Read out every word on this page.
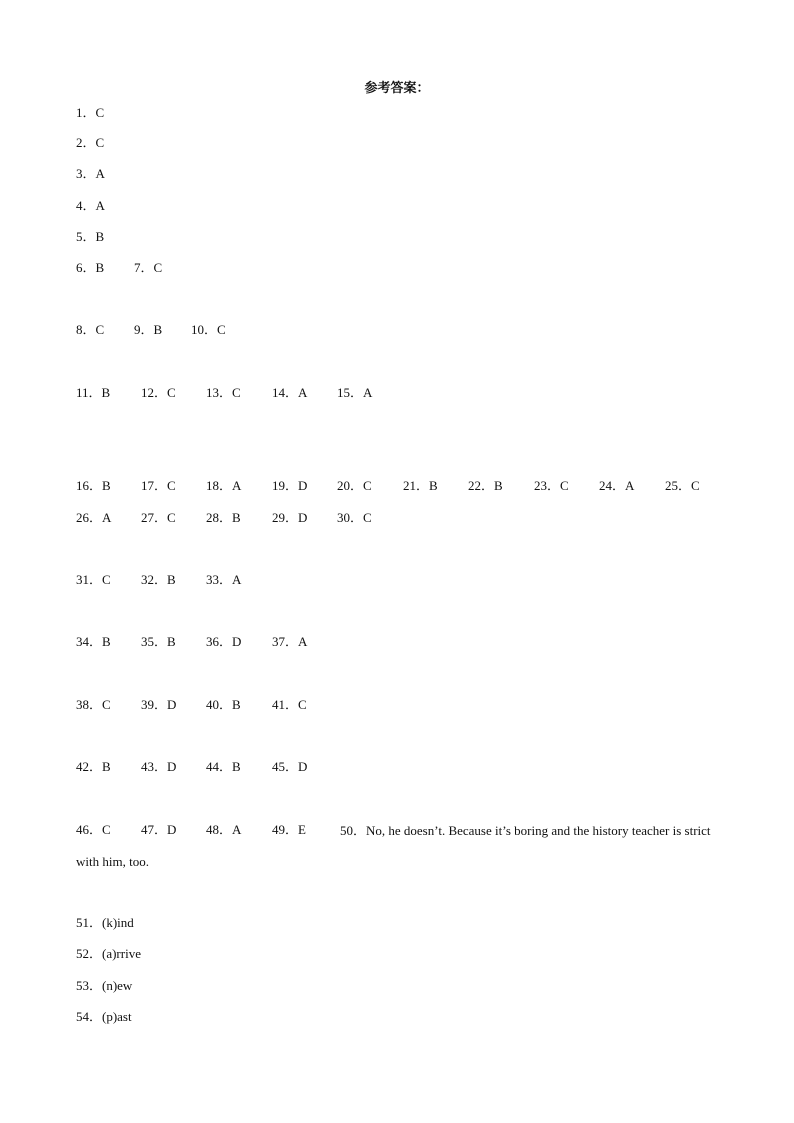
参考答案：
1．C
2．C
3．A
4．A
5．B
6．B 7．C
8．C 9．B 10．C
11．B 12．C 13．C 14．A 15．A
16．B 17．C 18．A 19．D 20．C 21．B 22．B 23．C 24．A 25．C
26．A 27．C 28．B 29．D 30．C
31．C 32．B 33．A
34．B 35．B 36．D 37．A
38．C 39．D 40．B 41．C
42．B 43．D 44．B 45．D
46．C 47．D 48．A 49．E	50．No, he doesn’t. Because it’s boring and the history teacher is strict with him, too.
51．(k)ind
52．(a)rrive
53．(n)ew
54．(p)ast
